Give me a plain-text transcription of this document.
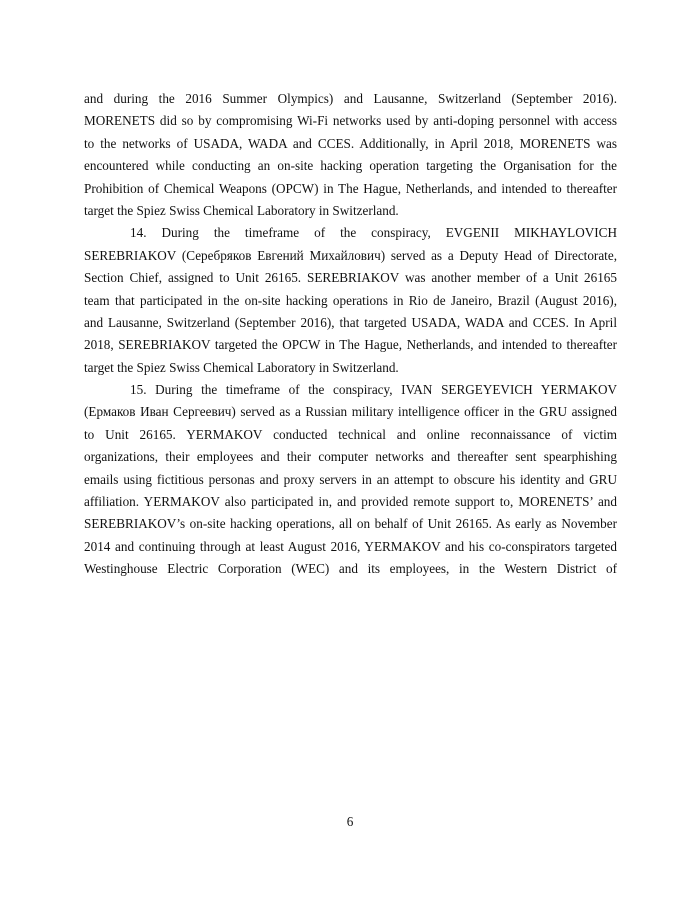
and during the 2016 Summer Olympics) and Lausanne, Switzerland (September 2016).
MORENETS did so by compromising Wi-Fi networks used by anti-doping personnel with access
to the networks of USADA, WADA and CCES. Additionally, in April 2018, MORENETS was
encountered while conducting an on-site hacking operation targeting the Organisation for the
Prohibition of Chemical Weapons (OPCW) in The Hague, Netherlands, and intended to thereafter
target the Spiez Swiss Chemical Laboratory in Switzerland.
14. During the timeframe of the conspiracy, EVGENII MIKHAYLOVICH
SEREBRIAKOV (Серебряков Евгений Михайлович) served as a Deputy Head of Directorate,
Section Chief, assigned to Unit 26165. SEREBRIAKOV was another member of a Unit 26165
team that participated in the on-site hacking operations in Rio de Janeiro, Brazil (August 2016),
and Lausanne, Switzerland (September 2016), that targeted USADA, WADA and CCES. In April
2018, SEREBRIAKOV targeted the OPCW in The Hague, Netherlands, and intended to thereafter
target the Spiez Swiss Chemical Laboratory in Switzerland.
15. During the timeframe of the conspiracy, IVAN SERGEYEVICH YERMAKOV
(Ермаков Иван Сергеевич) served as a Russian military intelligence officer in the GRU assigned
to Unit 26165. YERMAKOV conducted technical and online reconnaissance of victim
organizations, their employees and their computer networks and thereafter sent spearphishing
emails using fictitious personas and proxy servers in an attempt to obscure his identity and GRU
affiliation. YERMAKOV also participated in, and provided remote support to, MORENETS’ and
SEREBRIAKOV’s on-site hacking operations, all on behalf of Unit 26165. As early as November
2014 and continuing through at least August 2016, YERMAKOV and his co-conspirators targeted
Westinghouse Electric Corporation (WEC) and its employees, in the Western District of
6
